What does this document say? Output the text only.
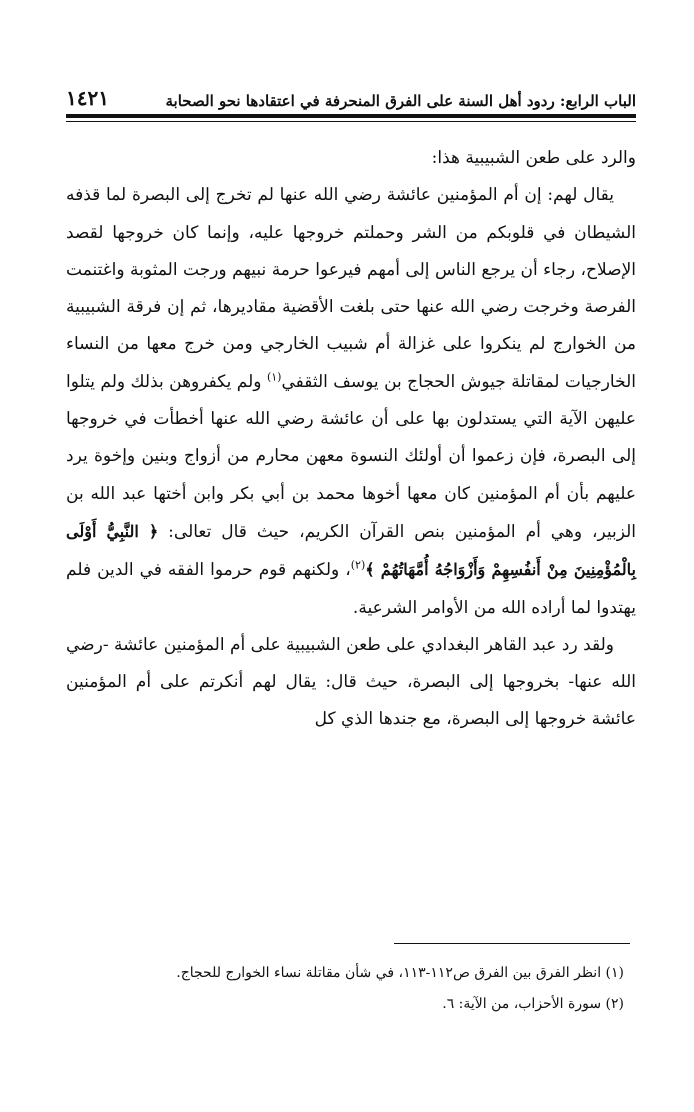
الباب الرابع: ردود أهل السنة على الفرق المنحرفة في اعتقادها نحو الصحابة
١٤٢١

والرد على طعن الشبيبية هذا:

يقال لهم: إن أم المؤمنين عائشة رضي الله عنها لم تخرج إلى البصرة لما قذفه الشيطان في قلوبكم من الشر وحملتم خروجها عليه، وإنما كان خروجها لقصد الإصلاح، رجاء أن يرجع الناس إلى أمهم فيرعوا حرمة نبيهم ورجت المثوبة واغتنمت الفرصة وخرجت رضي الله عنها حتى بلغت الأقضية مقاديرها، ثم إن فرقة الشبيبية من الخوارج لم ينكروا على غزالة أم شبيب الخارجي ومن خرج معها من النساء الخارجيات لمقاتلة جيوش الحجاج بن يوسف الثقفي$^{(١)}$ ولم يكفروهن بذلك ولم يتلوا عليهن الآية التي يستدلون بها على أن عائشة رضي الله عنها أخطأت في خروجها إلى البصرة، فإن زعموا أن أولئك النسوة معهن محارم من أزواج وبنين وإخوة يرد عليهم بأن أم المؤمنين كان معها أخوها محمد بن أبي بكر وابن أختها عبد الله بن الزبير، وهي أم المؤمنين بنص القرآن الكريم، حيث قال تعالى: ﴿ النَّبِيُّ أَوْلَى بِالْمُؤْمِنِينَ مِنْ أَنفُسِهِمْ وَأَزْوَاجُهُ أُمَّهَاتُهُمْ ﴾$^{(٢)}$، ولكنهم قوم حرموا الفقه في الدين فلم يهتدوا لما أراده الله من الأوامر الشرعية.

ولقد رد عبد القاهر البغدادي على طعن الشبيبية على أم المؤمنين عائشة -رضي الله عنها- بخروجها إلى البصرة، حيث قال: يقال لهم أنكرتم على أم المؤمنين عائشة خروجها إلى البصرة، مع جندها الذي كل

(١) انظر الفرق بين الفرق ص١١٢-١١٣، في شأن مقاتلة نساء الخوارج للحجاج.

(٢) سورة الأحزاب، من الآية: ٦.
